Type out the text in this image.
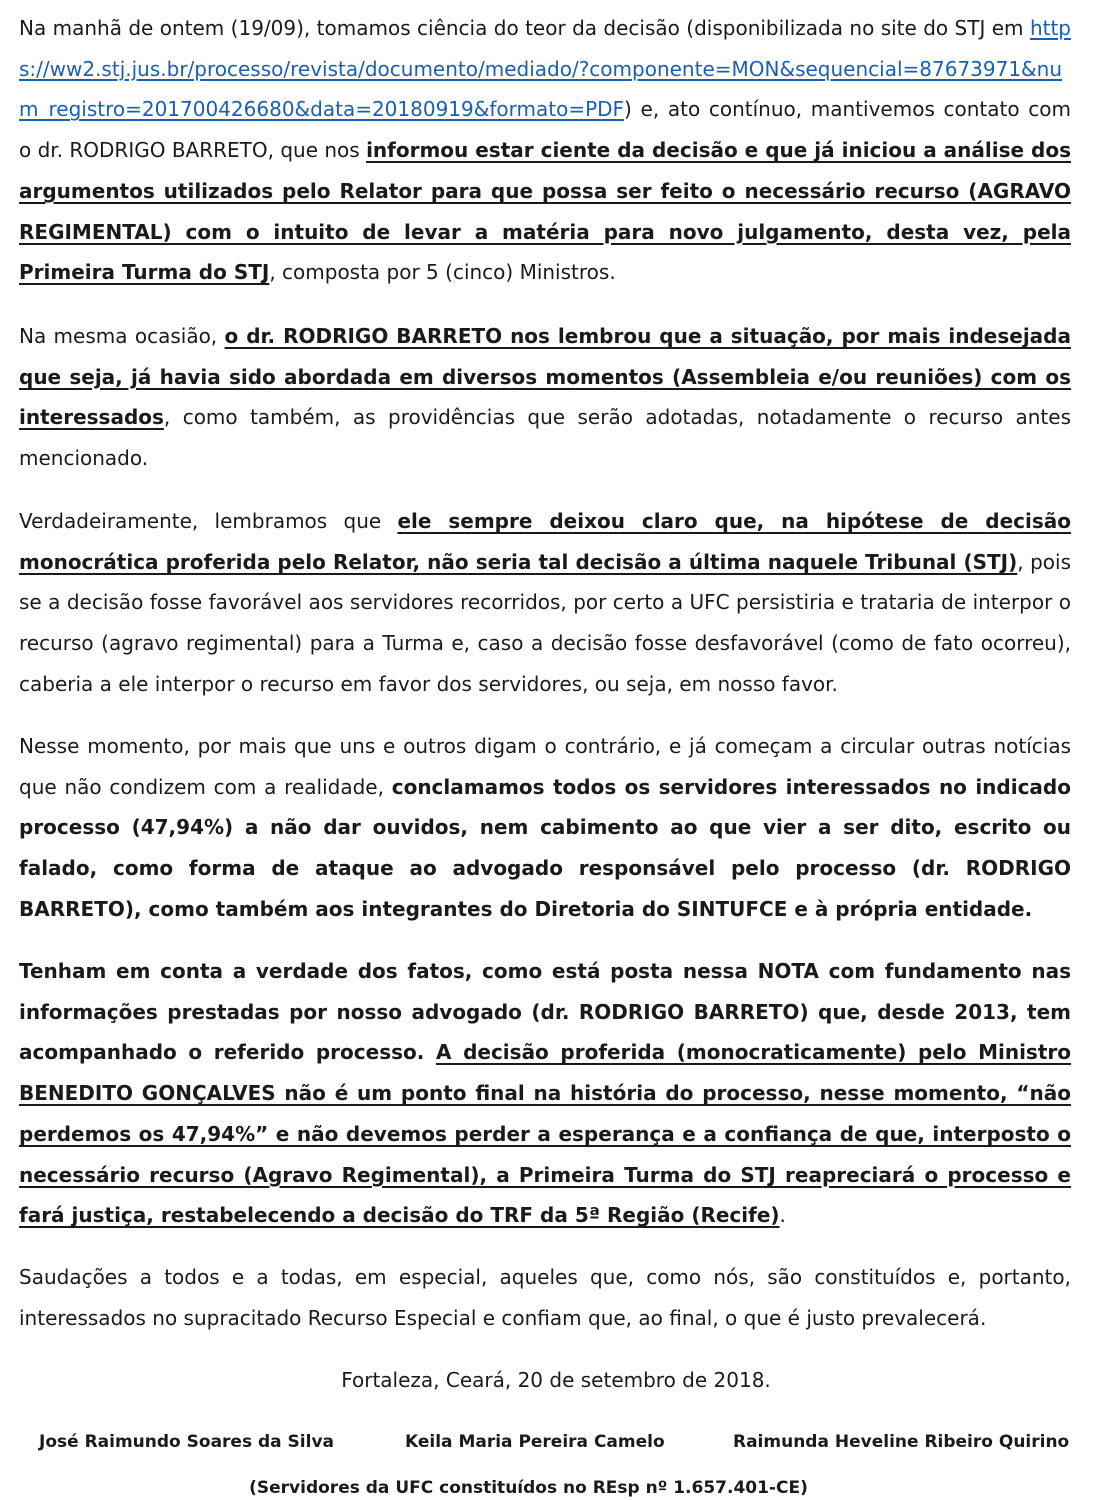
Na manhã de ontem (19/09), tomamos ciência do teor da decisão (disponibilizada no site do STJ em https://ww2.stj.jus.br/processo/revista/documento/mediado/?componente=MON&sequencial=87673971&num_registro=201700426680&data=20180919&formato=PDF) e, ato contínuo, mantivemos contato com o dr. RODRIGO BARRETO, que nos informou estar ciente da decisão e que já iniciou a análise dos argumentos utilizados pelo Relator para que possa ser feito o necessário recurso (AGRAVO REGIMENTAL) com o intuito de levar a matéria para novo julgamento, desta vez, pela Primeira Turma do STJ, composta por 5 (cinco) Ministros.

Na mesma ocasião, o dr. RODRIGO BARRETO nos lembrou que a situação, por mais indesejada que seja, já havia sido abordada em diversos momentos (Assembleia e/ou reuniões) com os interessados, como também, as providências que serão adotadas, notadamente o recurso antes mencionado.

Verdadeiramente, lembramos que ele sempre deixou claro que, na hipótese de decisão monocrática proferida pelo Relator, não seria tal decisão a última naquele Tribunal (STJ), pois se a decisão fosse favorável aos servidores recorridos, por certo a UFC persistiria e trataria de interpor o recurso (agravo regimental) para a Turma e, caso a decisão fosse desfavorável (como de fato ocorreu), caberia a ele interpor o recurso em favor dos servidores, ou seja, em nosso favor.

Nesse momento, por mais que uns e outros digam o contrário, e já começam a circular outras notícias que não condizem com a realidade, conclamamos todos os servidores interessados no indicado processo (47,94%) a não dar ouvidos, nem cabimento ao que vier a ser dito, escrito ou falado, como forma de ataque ao advogado responsável pelo processo (dr. RODRIGO BARRETO), como também aos integrantes do Diretoria do SINTUFCE e à própria entidade.

Tenham em conta a verdade dos fatos, como está posta nessa NOTA com fundamento nas informações prestadas por nosso advogado (dr. RODRIGO BARRETO) que, desde 2013, tem acompanhado o referido processo. A decisão proferida (monocraticamente) pelo Ministro BENEDITO GONÇALVES não é um ponto final na história do processo, nesse momento, “não perdemos os 47,94%” e não devemos perder a esperança e a confiança de que, interposto o necessário recurso (Agravo Regimental), a Primeira Turma do STJ reapreciará o processo e fará justiça, restabelecendo a decisão do TRF da 5ª Região (Recife).

Saudações a todos e a todas, em especial, aqueles que, como nós, são constituídos e, portanto, interessados no supracitado Recurso Especial e confiam que, ao final, o que é justo prevalecerá.

Fortaleza, Ceará, 20 de setembro de 2018.

José Raimundo Soares da Silva	Keila Maria Pereira Camelo	Raimunda Heveline Ribeiro Quirino

(Servidores da UFC constituídos no REsp nº 1.657.401-CE)
